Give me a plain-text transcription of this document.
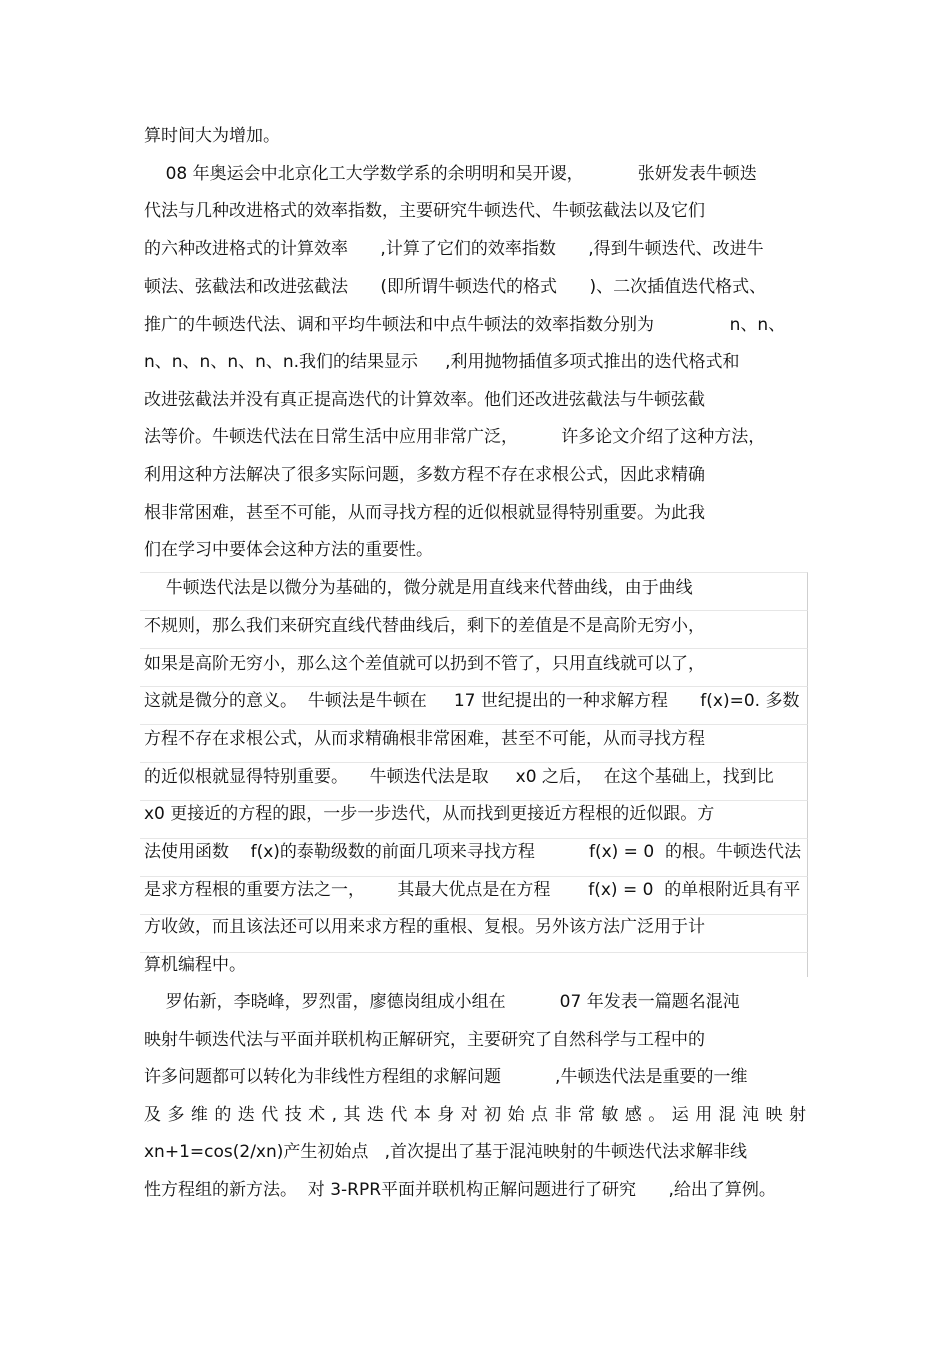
算时间大为增加。
08 年奥运会中北京化工大学数学系的余明明和吴开谡，          张妍发表牛顿迭
代法与几种改进格式的效率指数，主要研究牛顿迭代、牛顿弦截法以及它们
的六种改进格式的计算效率      ,计算了它们的效率指数      ,得到牛顿迭代、改进牛
顿法、弦截法和改进弦截法      (即所谓牛顿迭代的格式      )、二次插值迭代格式、
推广的牛顿迭代法、调和平均牛顿法和中点牛顿法的效率指数分别为              n、n、
n、n、n、n、n、n.我们的结果显示     ,利用抛物插值多项式推出的迭代格式和
改进弦截法并没有真正提高迭代的计算效率。他们还改进弦截法与牛顿弦截
法等价。牛顿迭代法在日常生活中应用非常广泛，        许多论文介绍了这种方法，
利用这种方法解决了很多实际问题，多数方程不存在求根公式，因此求精确
根非常困难，甚至不可能，从而寻找方程的近似根就显得特别重要。为此我
们在学习中要体会这种方法的重要性。
牛顿迭代法是以微分为基础的，微分就是用直线来代替曲线，由于曲线
不规则，那么我们来研究直线代替曲线后，剩下的差值是不是高阶无穷小，
如果是高阶无穷小，那么这个差值就可以扔到不管了，只用直线就可以了，
这就是微分的意义。  牛顿法是牛顿在     17 世纪提出的一种求解方程      f(x)=0. 多数
方程不存在求根公式，从而求精确根非常困难，甚至不可能，从而寻找方程
的近似根就显得特别重要。    牛顿迭代法是取     x0 之后，  在这个基础上，找到比
x0 更接近的方程的跟，一步一步迭代，从而找到更接近方程根的近似跟。方
法使用函数    f(x)的泰勒级数的前面几项来寻找方程          f(x) = 0  的根。牛顿迭代法
是求方程根的重要方法之一，      其最大优点是在方程       f(x) = 0  的单根附近具有平
方收敛，而且该法还可以用来求方程的重根、复根。另外该方法广泛用于计
算机编程中。
罗佑新，李晓峰，罗烈雷，廖德岗组成小组在          07 年发表一篇题名混沌
映射牛顿迭代法与平面并联机构正解研究，主要研究了自然科学与工程中的
许多问题都可以转化为非线性方程组的求解问题          ,牛顿迭代法是重要的一维
及多维的迭代技术,其迭代本身对初始点非常敏感。运用混沌映射
xn+1=cos(2/xn)产生初始点   ,首次提出了基于混沌映射的牛顿迭代法求解非线
性方程组的新方法。  对 3-RPR平面并联机构正解问题进行了研究      ,给出了算例。
